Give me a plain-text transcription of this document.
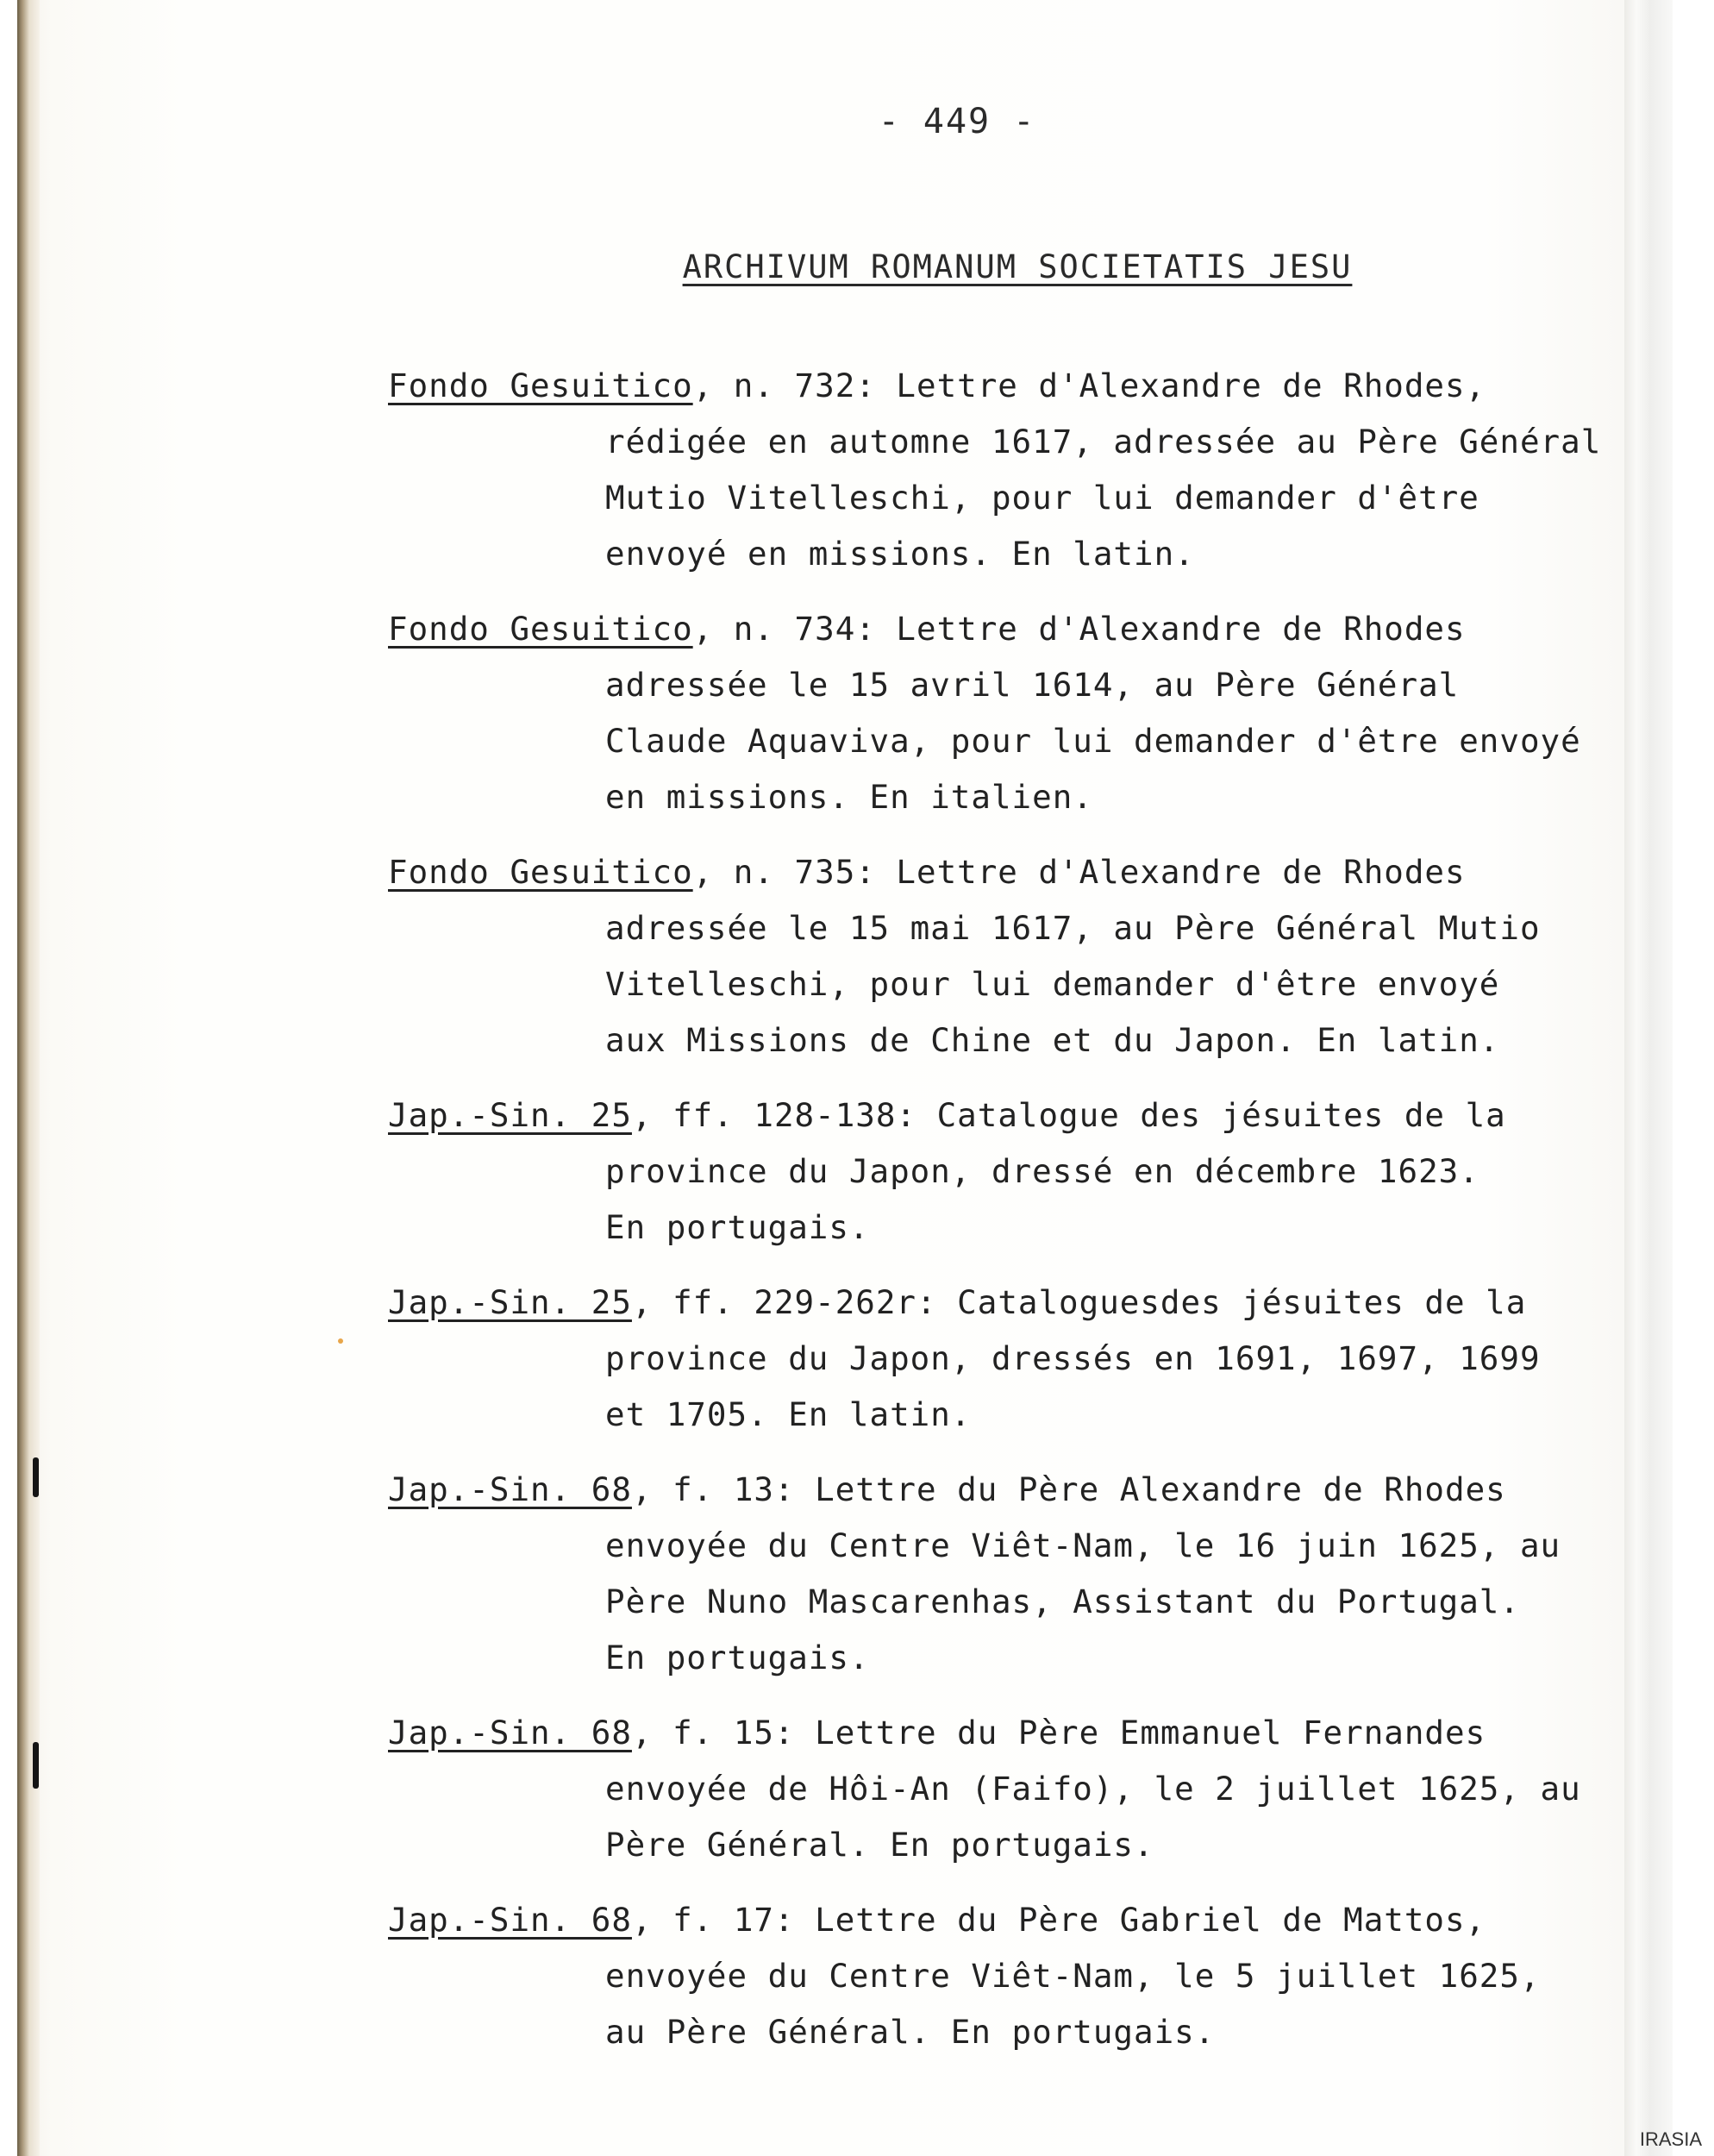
- 449 -
ARCHIVUM ROMANUM SOCIETATIS JESU
Fondo Gesuitico, n. 732: Lettre d'Alexandre de Rhodes,
rédigée en automne 1617, adressée au Père Général
Mutio Vitelleschi, pour lui demander d'être
envoyé en missions. En latin.
Fondo Gesuitico, n. 734: Lettre d'Alexandre de Rhodes
adressée le 15 avril 1614, au Père Général
Claude Aquaviva, pour lui demander d'être envoyé
en missions. En italien.
Fondo Gesuitico, n. 735: Lettre d'Alexandre de Rhodes
adressée le 15 mai 1617, au Père Général Mutio
Vitelleschi, pour lui demander d'être envoyé
aux Missions de Chine et du Japon. En latin.
Jap.-Sin. 25, ff. 128-138: Catalogue des jésuites de la
province du Japon, dressé en décembre 1623.
En portugais.
Jap.-Sin. 25, ff. 229-262r: Cataloguesdes jésuites de la
province du Japon, dressés en 1691, 1697, 1699
et 1705. En latin.
Jap.-Sin. 68, f. 13: Lettre du Père Alexandre de Rhodes
envoyée du Centre Viêt-Nam, le 16 juin 1625, au
Père Nuno Mascarenhas, Assistant du Portugal.
En portugais.
Jap.-Sin. 68, f. 15: Lettre du Père Emmanuel Fernandes
envoyée de Hôi-An (Faifo), le 2 juillet 1625, au
Père Général. En portugais.
Jap.-Sin. 68, f. 17: Lettre du Père Gabriel de Mattos,
envoyée du Centre Viêt-Nam, le 5 juillet 1625,
au Père Général. En portugais.
IRASIA
